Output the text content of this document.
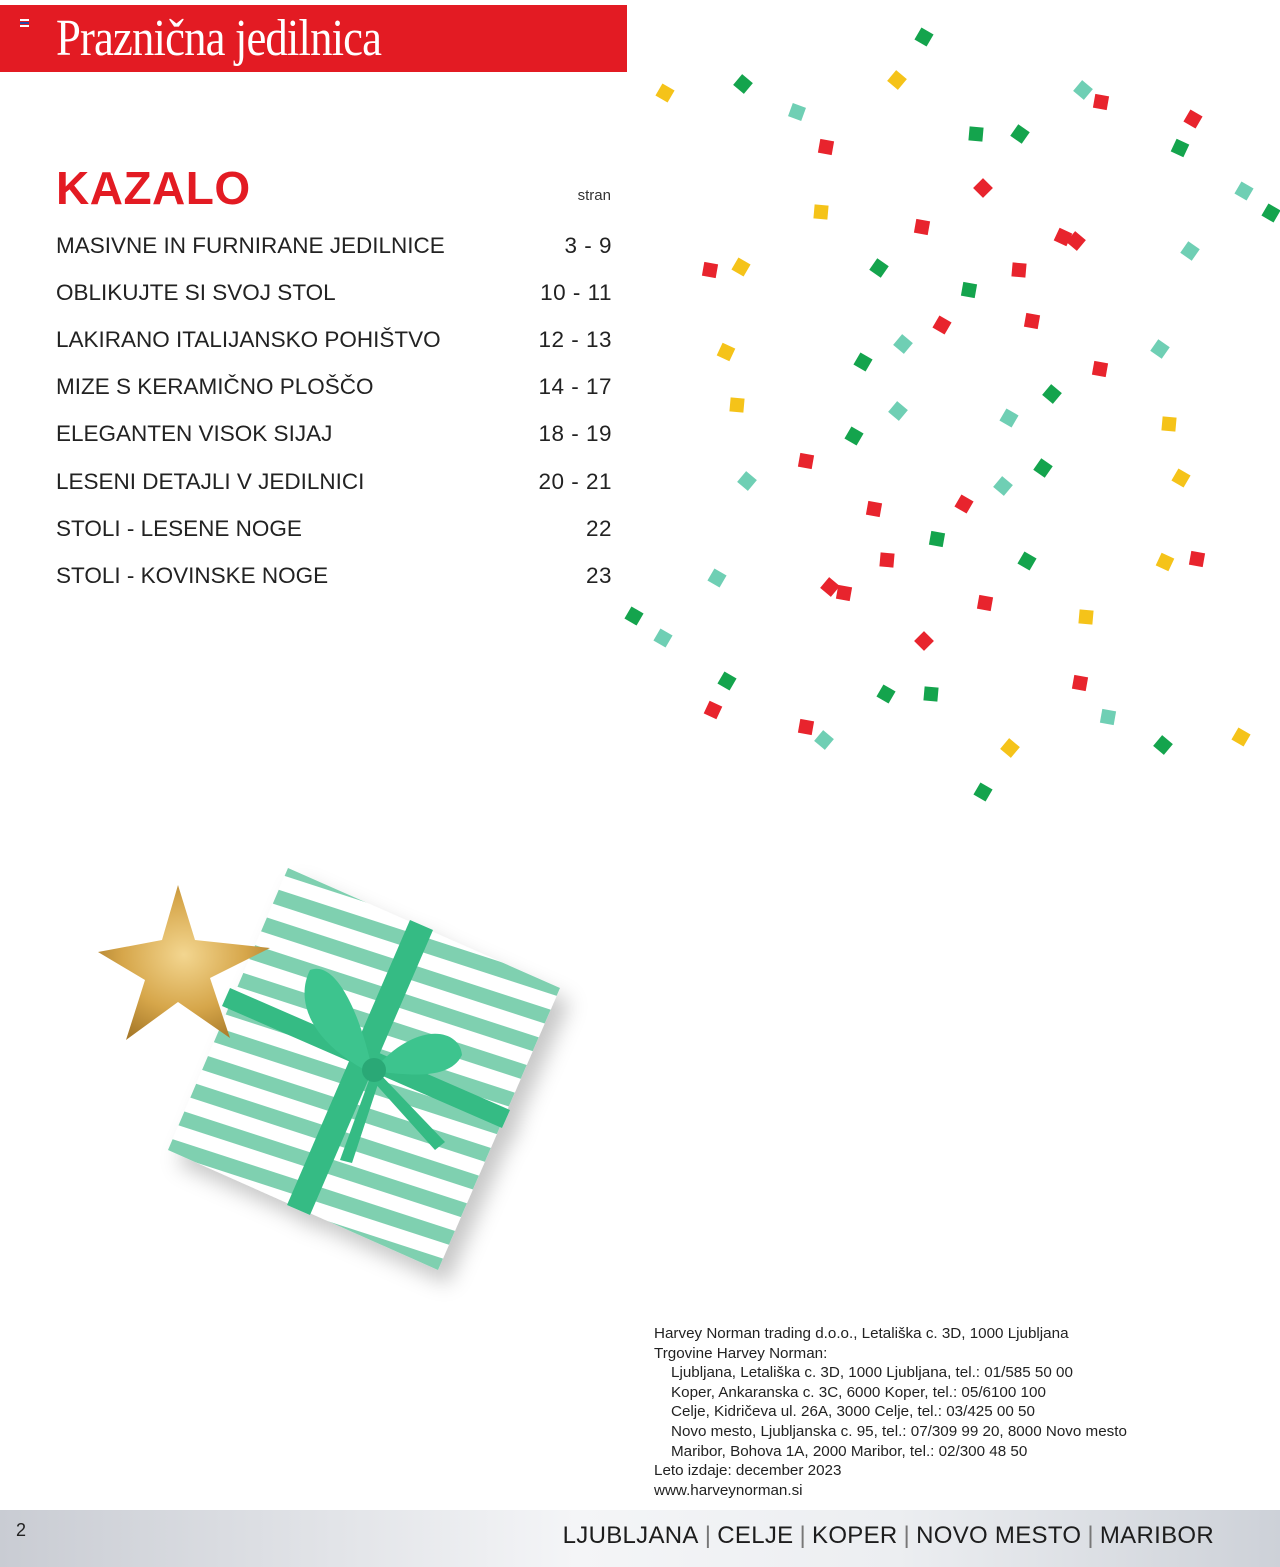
Praznična jedilnica
KAZALO	stran
MASIVNE IN FURNIRANE JEDILNICE	3 - 9
OBLIKUJTE SI SVOJ STOL	10 - 11
LAKIRANO ITALIJANSKO POHIŠTVO	12 - 13
MIZE S KERAMIČNO PLOŠČO	14 - 17
ELEGANTEN VISOK SIJAJ	18 - 19
LESENI DETAJLI V JEDILNICI	20 - 21
STOLI - LESENE NOGE	22
STOLI - KOVINSKE NOGE	23
Harvey Norman trading d.o.o., Letališka c. 3D, 1000 Ljubljana
Trgovine Harvey Norman:
Ljubljana, Letališka c. 3D, 1000 Ljubljana, tel.: 01/585 50 00
Koper, Ankaranska c. 3C, 6000 Koper, tel.: 05/6100 100
Celje, Kidričeva ul. 26A, 3000 Celje, tel.: 03/425 00 50
Novo mesto, Ljubljanska c. 95, tel.: 07/309 99 20, 8000 Novo mesto
Maribor, Bohova 1A, 2000 Maribor, tel.: 02/300 48 50
Leto izdaje: december 2023
www.harveynorman.si
2	LJUBLJANA | CELJE | KOPER | NOVO MESTO | MARIBOR
